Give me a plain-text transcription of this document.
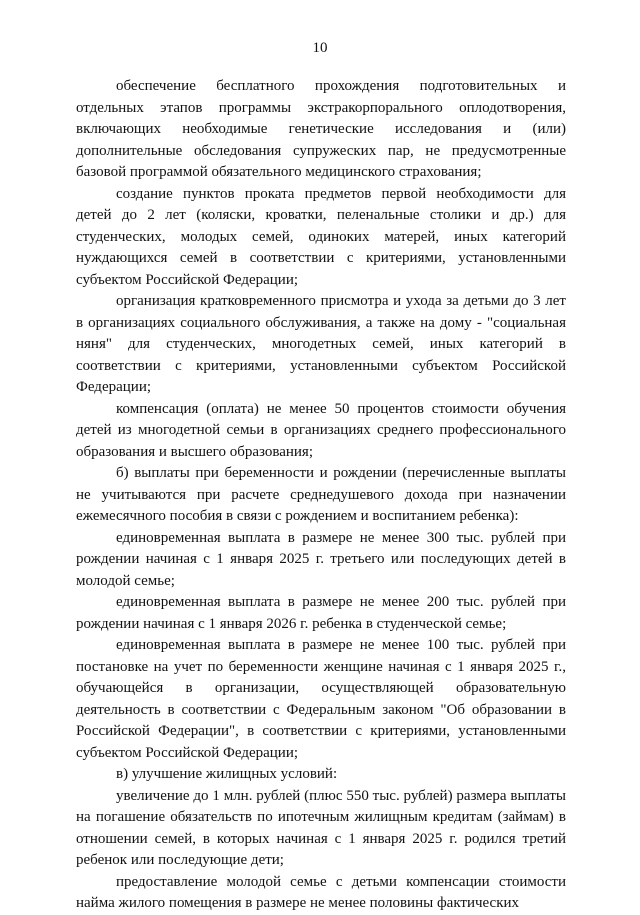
10

обеспечение бесплатного прохождения подготовительных и отдельных этапов программы экстракорпорального оплодотворения, включающих необходимые генетические исследования и (или) дополнительные обследования супружеских пар, не предусмотренные базовой программой обязательного медицинского страхования;

создание пунктов проката предметов первой необходимости для детей до 2 лет (коляски, кроватки, пеленальные столики и др.) для студенческих, молодых семей, одиноких матерей, иных категорий нуждающихся семей в соответствии с критериями, установленными субъектом Российской Федерации;

организация кратковременного присмотра и ухода за детьми до 3 лет в организациях социального обслуживания, а также на дому - "социальная няня" для студенческих, многодетных семей, иных категорий в соответствии с критериями, установленными субъектом Российской Федерации;

компенсация (оплата) не менее 50 процентов стоимости обучения детей из многодетной семьи в организациях среднего профессионального образования и высшего образования;

б) выплаты при беременности и рождении (перечисленные выплаты не учитываются при расчете среднедушевого дохода при назначении ежемесячного пособия в связи с рождением и воспитанием ребенка):

единовременная выплата в размере не менее 300 тыс. рублей при рождении начиная с 1 января 2025 г. третьего или последующих детей в молодой семье;

единовременная выплата в размере не менее 200 тыс. рублей при рождении начиная с 1 января 2026 г. ребенка в студенческой семье;

единовременная выплата в размере не менее 100 тыс. рублей при постановке на учет по беременности женщине начиная с 1 января 2025 г., обучающейся в организации, осуществляющей образовательную деятельность в соответствии с Федеральным законом "Об образовании в Российской Федерации", в соответствии с критериями, установленными субъектом Российской Федерации;

в) улучшение жилищных условий:

увеличение до 1 млн. рублей (плюс 550 тыс. рублей) размера выплаты на погашение обязательств по ипотечным жилищным кредитам (займам) в отношении семей, в которых начиная с 1 января 2025 г. родился третий ребенок или последующие дети;

предоставление молодой семье с детьми компенсации стоимости найма жилого помещения в размере не менее половины фактических
